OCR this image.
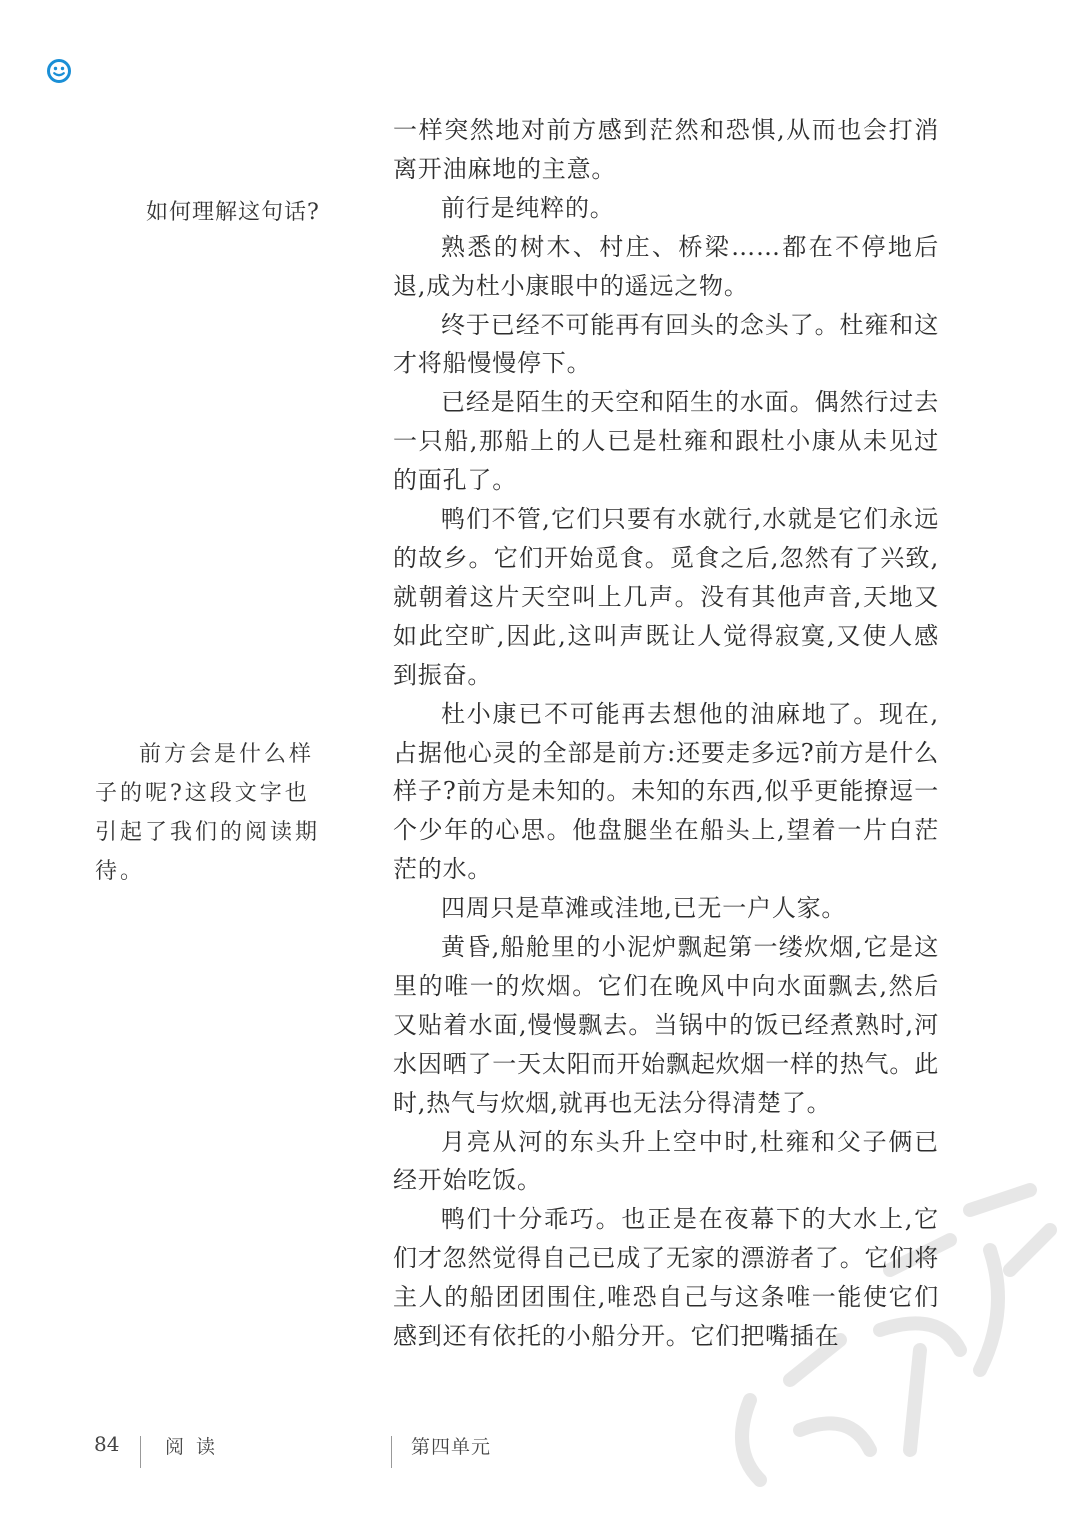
如何理解这句话?

前方会是什么样子的呢?这段文字也引起了我们的阅读期待。

一样突然地对前方感到茫然和恐惧,从而也会打消离开油麻地的主意。

前行是纯粹的。

熟悉的树木、村庄、桥梁……都在不停地后退,成为杜小康眼中的遥远之物。

终于已经不可能再有回头的念头了。杜雍和这才将船慢慢停下。

已经是陌生的天空和陌生的水面。偶然行过去一只船,那船上的人已是杜雍和跟杜小康从未见过的面孔了。

鸭们不管,它们只要有水就行,水就是它们永远的故乡。它们开始觅食。觅食之后,忽然有了兴致,就朝着这片天空叫上几声。没有其他声音,天地又如此空旷,因此,这叫声既让人觉得寂寞,又使人感到振奋。

杜小康已不可能再去想他的油麻地了。现在,占据他心灵的全部是前方:还要走多远?前方是什么样子?前方是未知的。未知的东西,似乎更能撩逗一个少年的心思。他盘腿坐在船头上,望着一片白茫茫的水。

四周只是草滩或洼地,已无一户人家。

黄昏,船舱里的小泥炉飘起第一缕炊烟,它是这里的唯一的炊烟。它们在晚风中向水面飘去,然后又贴着水面,慢慢飘去。当锅中的饭已经煮熟时,河水因晒了一天太阳而开始飘起炊烟一样的热气。此时,热气与炊烟,就再也无法分得清楚了。

月亮从河的东头升上空中时,杜雍和父子俩已经开始吃饭。

鸭们十分乖巧。也正是在夜幕下的大水上,它们才忽然觉得自己已成了无家的漂游者了。它们将主人的船团团围住,唯恐自己与这条唯一能使它们感到还有依托的小船分开。它们把嘴插在

84 阅读	第四单元
